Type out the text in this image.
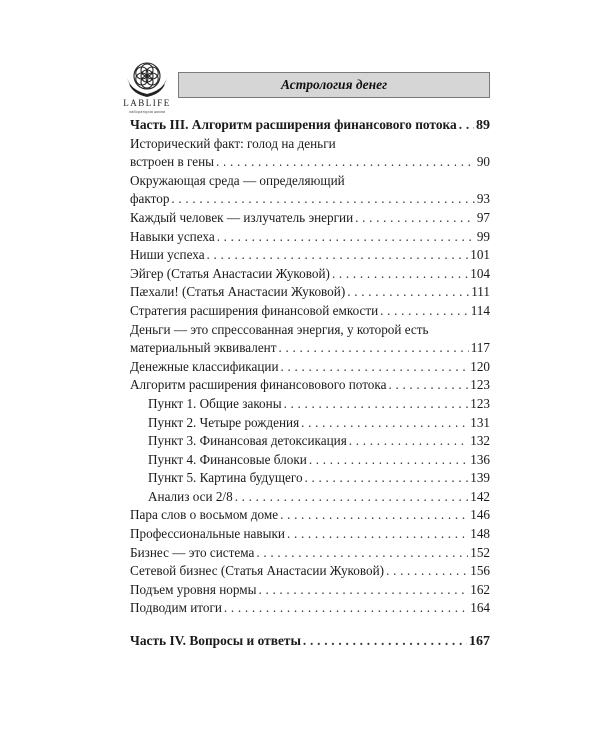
LABLIFE
лаборатория жизни
Астрология денег
Часть III. Алгоритм расширения финансового потока . . . 89
Исторический факт: голод на деньги
встроен в гены . . .	90
Окружающая среда — определяющий
фактор . . .	93
Каждый человек — излучатель энергии . . .	97
Навыки успеха . . .	99
Ниши успеха . . .	101
Эйгер (Статья Анастасии Жуковой) . . .	104
Пæхали! (Статья Анастасии Жуковой) . . .	111
Стратегия расширения финансовой емкости . . .	114
Деньги — это спрессованная энергия, у которой есть
материальный эквивалент . . .	117
Денежные классификации . . .	120
Алгоритм расширения финансовового потока . . .	123
Пункт 1. Общие законы . . .	123
Пункт 2. Четыре рождения . . .	131
Пункт 3. Финансовая детоксикация . . .	132
Пункт 4. Финансовые блоки . . .	136
Пункт 5. Картина будущего . . .	139
Анализ оси 2/8 . . .	142
Пара слов о восьмом доме . . .	146
Профессиональные навыки . . .	148
Бизнес — это система . . .	152
Сетевой бизнес (Статья Анастасии Жуковой) . . .	156
Подъем уровня нормы . . .	162
Подводим итоги . . .	164
Часть IV. Вопросы и ответы . . .	167
